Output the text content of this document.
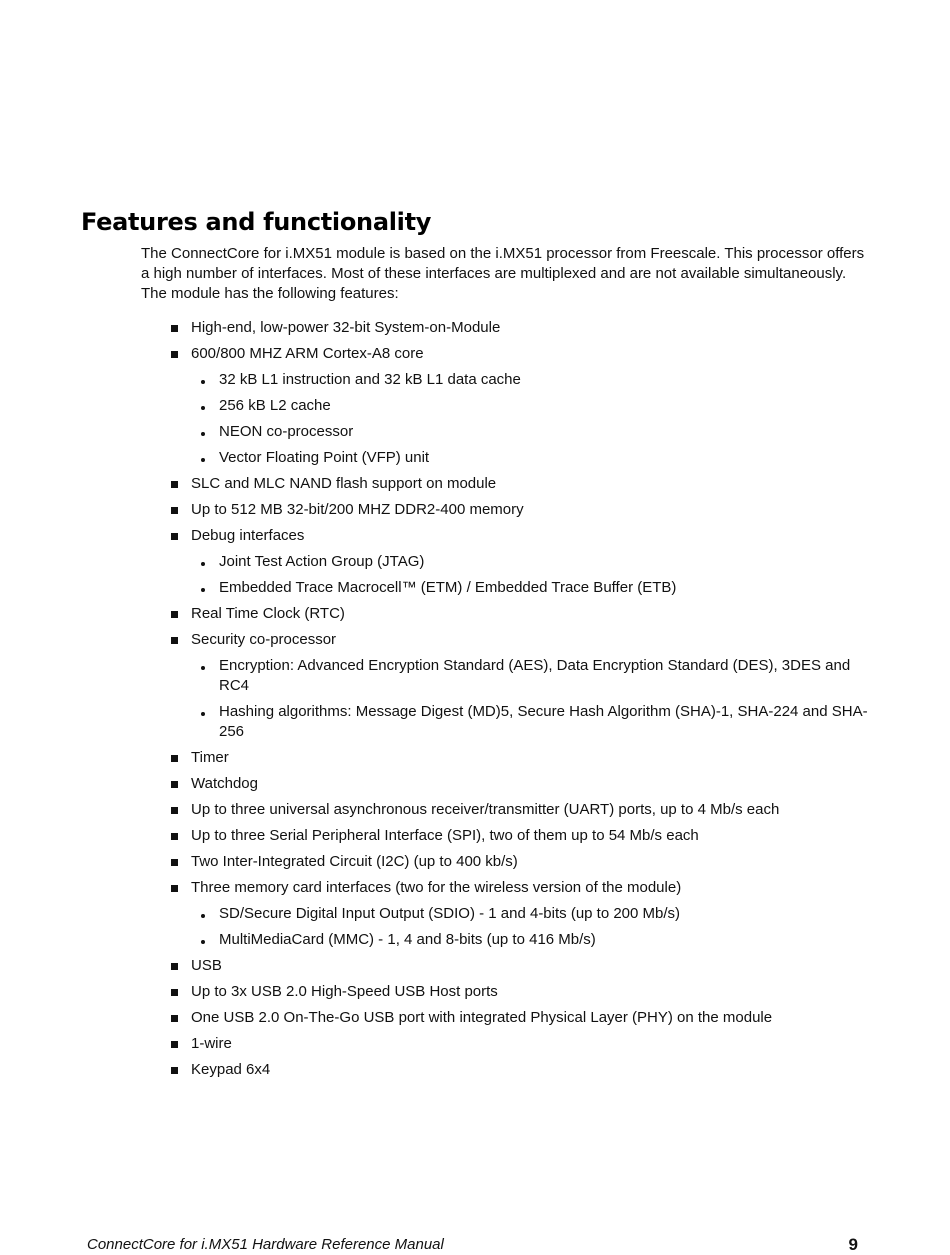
Features and functionality

The ConnectCore for i.MX51 module is based on the i.MX51 processor from Freescale. This processor offers a high number of interfaces. Most of these interfaces are multiplexed and are not available simultaneously. The module has the following features:

High-end, low-power 32-bit System-on-Module
600/800 MHZ ARM Cortex-A8 core
32 kB L1 instruction and 32 kB L1 data cache
256 kB L2 cache
NEON co-processor
Vector Floating Point (VFP) unit
SLC and MLC NAND flash support on module
Up to 512 MB 32-bit/200 MHZ DDR2-400 memory
Debug interfaces
Joint Test Action Group (JTAG)
Embedded Trace Macrocell™ (ETM) / Embedded Trace Buffer (ETB)
Real Time Clock (RTC)
Security co-processor
Encryption: Advanced Encryption Standard (AES), Data Encryption Standard (DES), 3DES and RC4
Hashing algorithms: Message Digest (MD)5, Secure Hash Algorithm (SHA)-1, SHA-224 and SHA-256
Timer
Watchdog
Up to three universal asynchronous receiver/transmitter (UART) ports, up to 4 Mb/s each
Up to three Serial Peripheral Interface (SPI), two of them up to 54 Mb/s each
Two Inter-Integrated Circuit (I2C) (up to 400 kb/s)
Three memory card interfaces (two for the wireless version of the module)
SD/Secure Digital Input Output (SDIO) - 1 and 4-bits (up to 200 Mb/s)
MultiMediaCard (MMC) - 1, 4 and 8-bits (up to 416 Mb/s)
USB
Up to 3x USB 2.0 High-Speed USB Host ports
One USB 2.0 On-The-Go USB port with integrated Physical Layer (PHY) on the module
1-wire
Keypad 6x4
ConnectCore for i.MX51 Hardware Reference Manual	9
